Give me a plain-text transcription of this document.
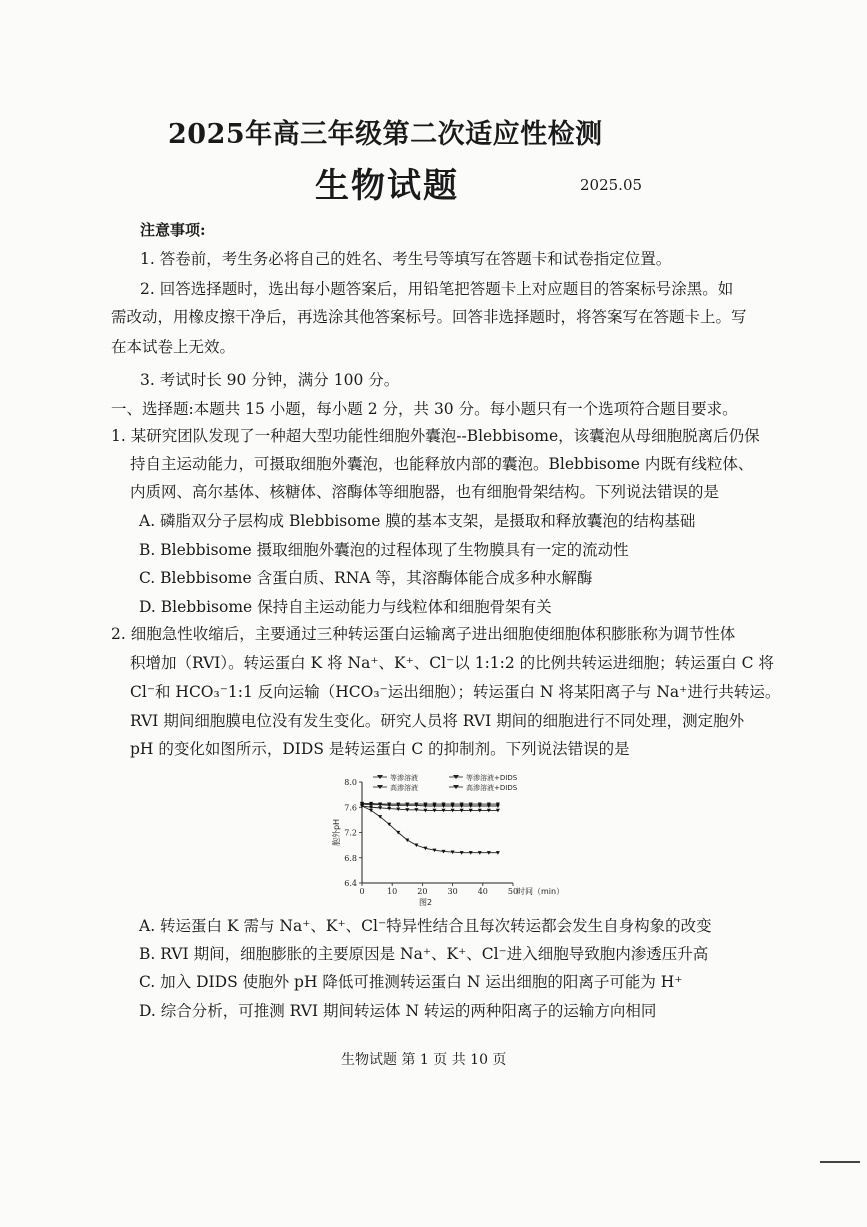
2025年高三年级第二次适应性检测
生物试题	2025.05
注意事项:
1. 答卷前，考生务必将自己的姓名、考生号等填写在答题卡和试卷指定位置。
2. 回答选择题时，选出每小题答案后，用铅笔把答题卡上对应题目的答案标号涂黑。如
需改动，用橡皮擦干净后，再选涂其他答案标号。回答非选择题时，将答案写在答题卡上。写
在本试卷上无效。
3. 考试时长 90 分钟，满分 100 分。
一、选择题:本题共 15 小题，每小题 2 分，共 30 分。每小题只有一个选项符合题目要求。
1. 某研究团队发现了一种超大型功能性细胞外囊泡--Blebbisome，该囊泡从母细胞脱离后仍保
持自主运动能力，可摄取细胞外囊泡，也能释放内部的囊泡。Blebbisome 内既有线粒体、
内质网、高尔基体、核糖体、溶酶体等细胞器，也有细胞骨架结构。下列说法错误的是
A. 磷脂双分子层构成 Blebbisome 膜的基本支架，是摄取和释放囊泡的结构基础
B. Blebbisome 摄取细胞外囊泡的过程体现了生物膜具有一定的流动性
C. Blebbisome 含蛋白质、RNA 等，其溶酶体能合成多种水解酶
D. Blebbisome 保持自主运动能力与线粒体和细胞骨架有关
2. 细胞急性收缩后，主要通过三种转运蛋白运输离子进出细胞使细胞体积膨胀称为调节性体
积增加（RVI）。转运蛋白 K 将 Na⁺、K⁺、Cl⁻以 1:1:2 的比例共转运进细胞；转运蛋白 C 将
Cl⁻和 HCO₃⁻1:1 反向运输（HCO₃⁻运出细胞）；转运蛋白 N 将某阳离子与 Na⁺进行共转运。
RVI 期间细胞膜电位没有发生变化。研究人员将 RVI 期间的细胞进行不同处理，测定胞外
pH 的变化如图所示，DIDS 是转运蛋白 C 的抑制剂。下列说法错误的是
6.4
6.8
7.2
7.6
8.0
0	10	20	30	40	50
时间（min）
胞外pH
图2
等渗溶液
高渗溶液
等渗溶液+DIDS
高渗溶液+DIDS
A. 转运蛋白 K 需与 Na⁺、K⁺、Cl⁻特异性结合且每次转运都会发生自身构象的改变
B. RVI 期间，细胞膨胀的主要原因是 Na⁺、K⁺、Cl⁻进入细胞导致胞内渗透压升高
C. 加入 DIDS 使胞外 pH 降低可推测转运蛋白 N 运出细胞的阳离子可能为 H⁺
D. 综合分析，可推测 RVI 期间转运体 N 转运的两种阳离子的运输方向相同
生物试题 第 1 页 共 10 页
